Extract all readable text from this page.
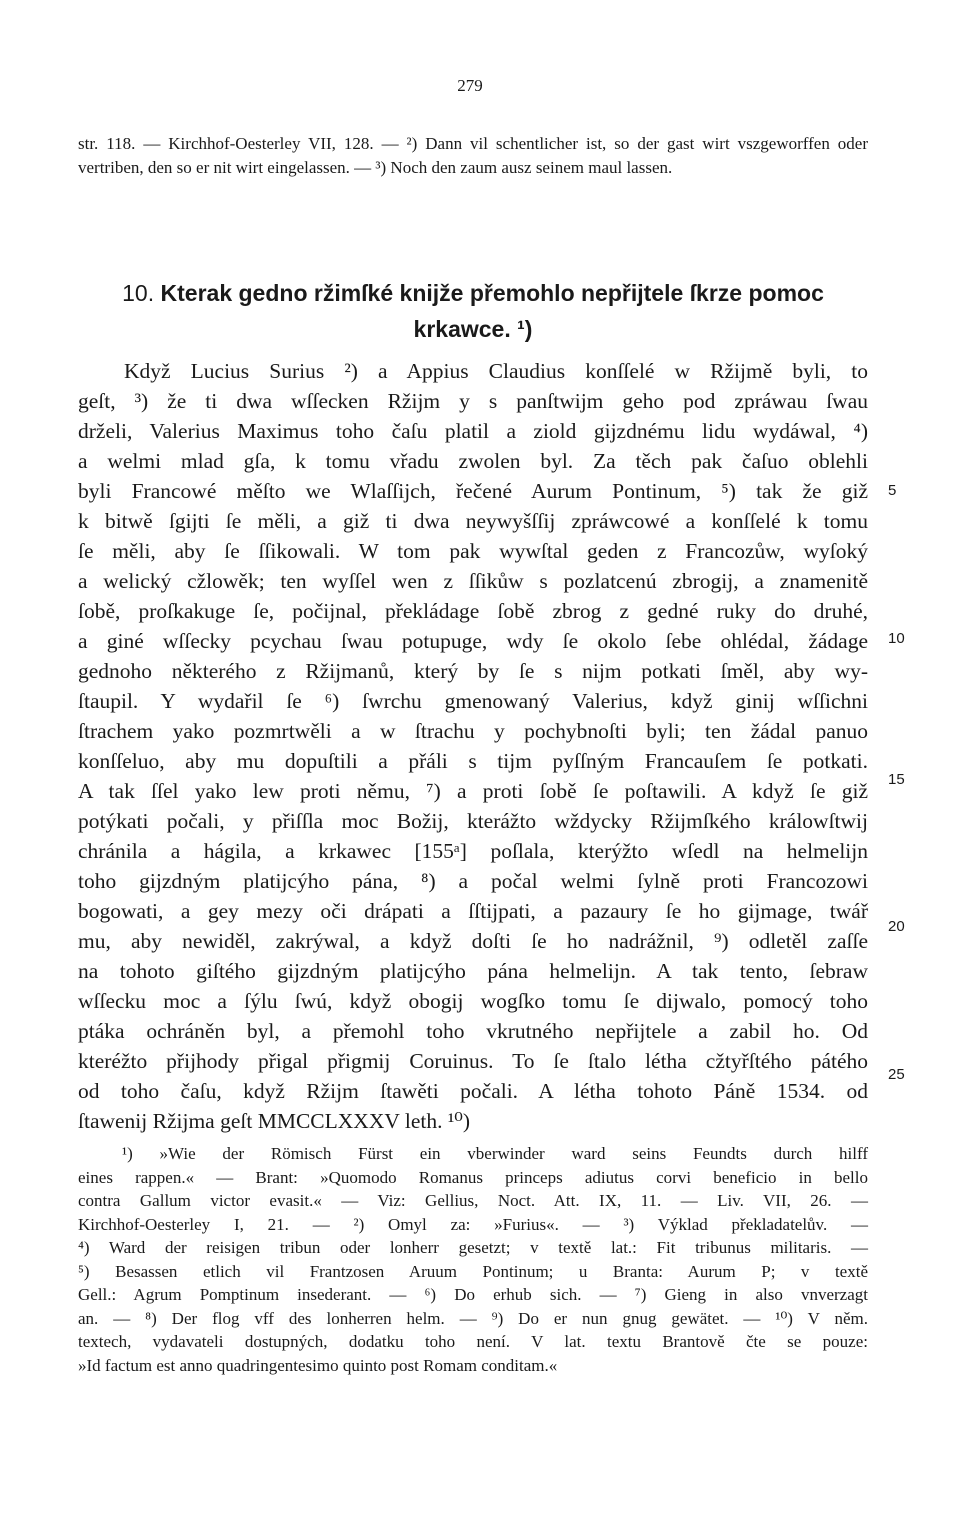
279
str. 118. — Kirchhof-Oesterley VII, 128. — ²) Dann vil schentlicher ist, so der gast wirt vszgeworffen oder vertriben, den so er nit wirt eingelassen. — ³) Noch den zaum ausz seinem maul lassen.
10. Kterak gedno ržimſké knijže přemohlo nepřijtele ſkrze pomoc
krkawce. ¹)
Když Lucius Surius ²) a Appius Claudius konſſelé w Ržijmě byli, to
geſt, ³) že ti dwa wſſecken Ržijm y s panſtwijm geho pod zpráwau ſwau
drželi, Valerius Maximus toho čaſu platil a ziold gijzdnému lidu wydáwal, ⁴)
a welmi mlad gſa, k tomu vřadu zwolen byl. Za těch pak čaſuo oblehli
byli Francowé měſto we Wlaſſijch, řečené Aurum Pontinum, ⁵) tak že giž
k bitwě ſgijti ſe měli, a giž ti dwa neywyšſſij zpráwcowé a konſſelé k tomu
ſe měli, aby ſe ſſikowali. W tom pak wywſtal geden z Francozůw, wyſoký
a welický cžlowěk; ten wyſſel wen z ſſikůw s pozlatcenú zbrogij, a znamenitě
ſobě, proſkakuge ſe, počijnal, překládage ſobě zbrog z gedné ruky do druhé,
a giné wſſecky pcychau ſwau potupuge, wdy ſe okolo ſebe ohlédal, žádage
gednoho některého z Ržijmanů, který by ſe s nijm potkati ſměl, aby wy-
ſtaupil. Y wydařil ſe ⁶) ſwrchu gmenowaný Valerius, když ginij wſſichni
ſtrachem yako pozmrtwěli a w ſtrachu y pochybnoſti byli; ten žádal panuo
konſſeluo, aby mu dopuſtili a přáli s tijm pyſſným Francauſem ſe potkati.
A tak ſſel yako lew proti němu, ⁷) a proti ſobě ſe poſtawili. A když ſe giž
potýkati počali, y přiſſla moc Božij, kterážto wždycky Ržijmſkého králowſtwij
chránila a hágila, a krkawec [155ᵃ] poſlala, kterýžto wſedl na helmelijn
toho gijzdným platijcýho pána, ⁸) a počal welmi ſylně proti Francozowi
bogowati, a gey mezy oči drápati a ſſtijpati, a pazaury ſe ho gijmage, twář
mu, aby newiděl, zakrýwal, a když doſti ſe ho nadrážnil, ⁹) odletěl zaſſe
na tohoto giſtého gijzdným platijcýho pána helmelijn. A tak tento, ſebraw
wſſecku moc a ſýlu ſwú, když obogij wogſko tomu ſe dijwalo, pomocý toho
ptáka ochráněn byl, a přemohl toho vkrutného nepřijtele a zabil ho. Od
kteréžto přijhody přigal přigmij Coruinus. To ſe ſtalo létha cžtyřſtého pátého
od toho čaſu, když Ržijm ſtawěti počali. A létha tohoto Páně 1534. od
ſtawenij Ržijma geſt MMCCLXXXV leth. ¹⁰)
5
10
15
20
25
¹) »Wie der Römisch Fürst ein vberwinder ward seins Feundts durch hilff
eines rappen.« — Brant: »Quomodo Romanus princeps adiutus corvi beneficio in bello
contra Gallum victor evasit.« — Viz: Gellius, Noct. Att. IX, 11. — Liv. VII, 26. —
Kirchhof-Oesterley I, 21. — ²) Omyl za: »Furius«. — ³) Výklad překladatelův. —
⁴) Ward der reisigen tribun oder lonherr gesetzt; v textě lat.: Fit tribunus militaris. —
⁵) Besassen etlich vil Frantzosen Aruum Pontinum; u Branta: Aurum P; v textě
Gell.: Agrum Pomptinum insederant. — ⁶) Do erhub sich. — ⁷) Gieng in also vnverzagt
an. — ⁸) Der flog vff des lonherren helm. — ⁹) Do er nun gnug gewätet. — ¹⁰) V něm.
textech, vydavateli dostupných, dodatku toho není. V lat. textu Brantově čte se pouze:
»Id factum est anno quadringentesimo quinto post Romam conditam.«
